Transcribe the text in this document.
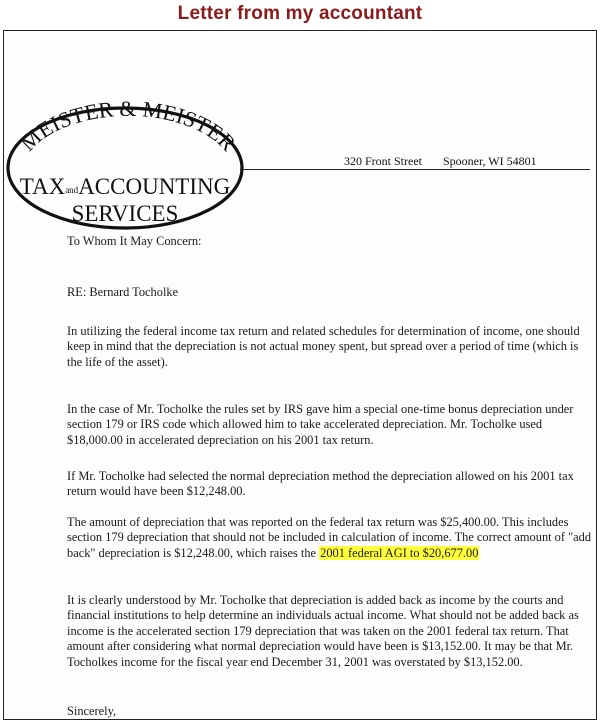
Letter from my accountant
MEISTER & MEISTER
TAXandACCOUNTING
SERVICES
320 Front Street Spooner, WI 54801
To Whom It May Concern:
RE: Bernard Tocholke
In utilizing the federal income tax return and related schedules for determination of income, one should keep in mind that the depreciation is not actual money spent, but spread over a period of time (which is the life of the asset).
In the case of Mr. Tocholke the rules set by IRS gave him a special one-time bonus depreciation under section 179 or IRS code which allowed him to take accelerated depreciation. Mr. Tocholke used $18,000.00 in accelerated depreciation on his 2001 tax return.
If Mr. Tocholke had selected the normal depreciation method the depreciation allowed on his 2001 tax return would have been $12,248.00.
The amount of depreciation that was reported on the federal tax return was $25,400.00. This includes section 179 depreciation that should not be included in calculation of income. The correct amount of "add back" depreciation is $12,248.00, which raises the 2001 federal AGI to $20,677.00
It is clearly understood by Mr. Tocholke that depreciation is added back as income by the courts and financial institutions to help determine an individuals actual income. What should not be added back as income is the accelerated section 179 depreciation that was taken on the 2001 federal tax return. That amount after considering what normal depreciation would have been is $13,152.00. It may be that Mr. Tocholkes income for the fiscal year end December 31, 2001 was overstated by $13,152.00.
Sincerely,
